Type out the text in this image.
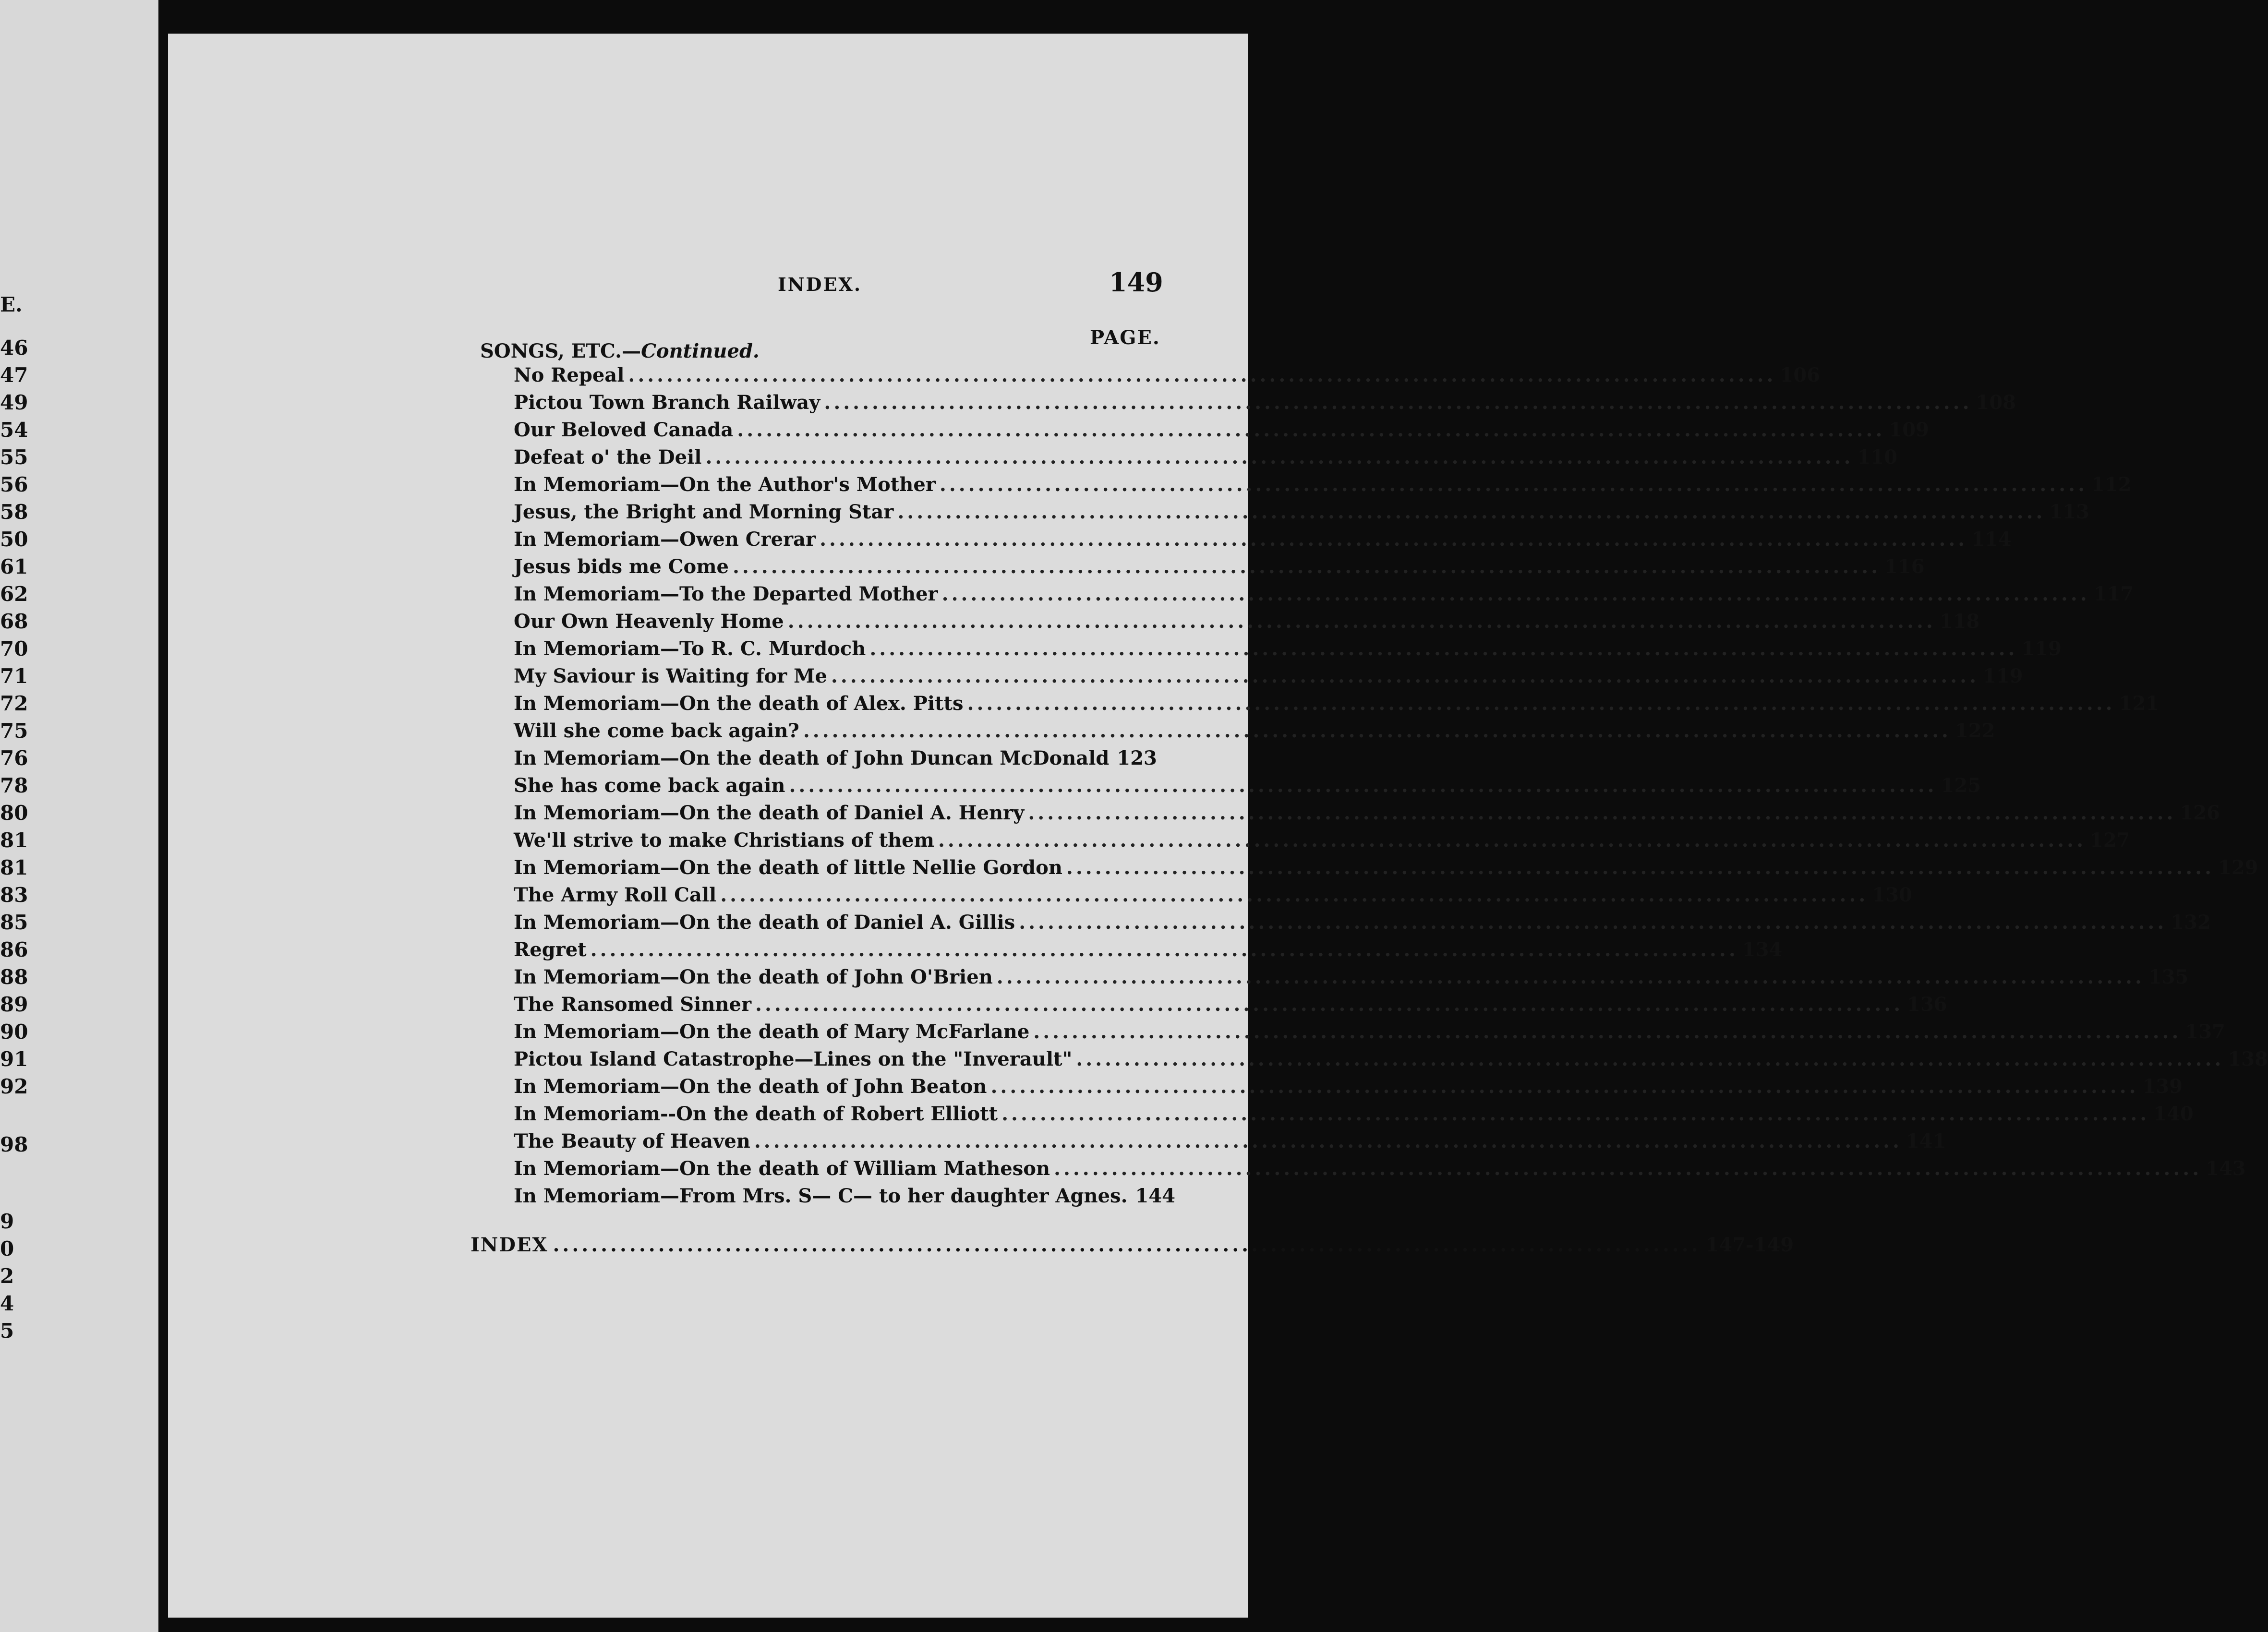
E.
46
47
49
54
55
56
58
50
61
62
68
70
71
72
75
76
78
80
81
81
83
85
86
88
89
90
91
92
98
9
0
2
4
5
INDEX.	149
PAGE.
SONGS, ETC.—Continued.
No Repeal ........................................................................................................................ 106
Pictou Town Branch Railway ........................................................................................................................ 108
Our Beloved Canada ........................................................................................................................ 109
Defeat o' the Deil ........................................................................................................................ 110
In Memoriam—On the Author's Mother ........................................................................................................................ 112
Jesus, the Bright and Morning Star ........................................................................................................................ 113
In Memoriam—Owen Crerar ........................................................................................................................ 114
Jesus bids me Come ........................................................................................................................ 116
In Memoriam—To the Departed Mother ........................................................................................................................ 117
Our Own Heavenly Home ........................................................................................................................ 118
In Memoriam—To R. C. Murdoch ........................................................................................................................ 119
My Saviour is Waiting for Me ........................................................................................................................ 119
In Memoriam—On the death of Alex. Pitts ........................................................................................................................ 121
Will she come back again? ........................................................................................................................ 122
In Memoriam—On the death of John Duncan McDonald 123
She has come back again ........................................................................................................................ 125
In Memoriam—On the death of Daniel A. Henry ........................................................................................................................ 126
We'll strive to make Christians of them ........................................................................................................................ 127
In Memoriam—On the death of little Nellie Gordon ........................................................................................................................ 129
The Army Roll Call ........................................................................................................................ 130
In Memoriam—On the death of Daniel A. Gillis ........................................................................................................................ 132
Regret ........................................................................................................................ 134
In Memoriam—On the death of John O'Brien ........................................................................................................................ 135
The Ransomed Sinner ........................................................................................................................ 136
In Memoriam—On the death of Mary McFarlane ........................................................................................................................ 137
Pictou Island Catastrophe—Lines on the "Inverault" ........................................................................................................................ 138
In Memoriam—On the death of John Beaton ........................................................................................................................ 139
In Memoriam--On the death of Robert Elliott ........................................................................................................................ 140
The Beauty of Heaven ........................................................................................................................ 141
In Memoriam—On the death of William Matheson ........................................................................................................................ 143
In Memoriam—From Mrs. S— C— to her daughter Agnes. 144
INDEX ........................................................................................................................ 147-149
